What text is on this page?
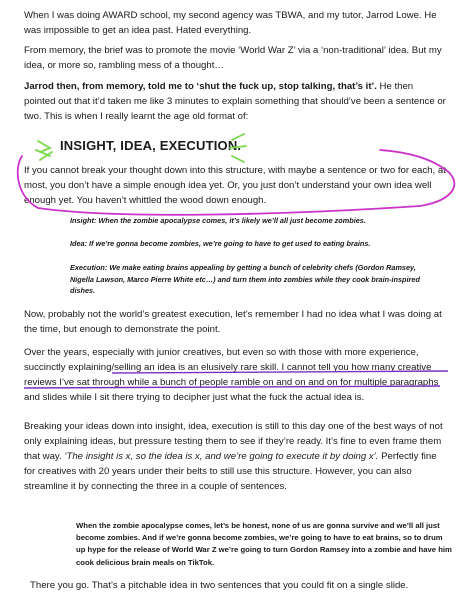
When I was doing AWARD school, my second agency was TBWA, and my tutor, Jarrod Lowe. He was impossible to get an idea past. Hated everything.

From memory, the brief was to promote the movie ‘World War Z’ via a ‘non-traditional’ idea. But my idea, or more so, rambling mess of a thought…

Jarrod then, from memory, told me to ‘shut the fuck up, stop talking, that’s it’. He then pointed out that it’d taken me like 3 minutes to explain something that should’ve been a sentence or two. This is when I really learnt the age old format of:

INSIGHT, IDEA, EXECUTION.

If you cannot break your thought down into this structure, with maybe a sentence or two for each, at most, you don’t have a simple enough idea yet. Or, you just don’t understand your own idea well enough yet. You haven’t whittled the wood down enough.

Insight: When the zombie apocalypse comes, it’s likely we’ll all just become zombies.

Idea: If we’re gonna become zombies, we’re going to have to get used to eating brains.

Execution: We make eating brains appealing by getting a bunch of celebrity chefs (Gordon Ramsey, Nigella Lawson, Marco Pierre White etc…) and turn them into zombies while they cook brain-inspired dishes.

Now, probably not the world’s greatest execution, let’s remember I had no idea what I was doing at the time, but enough to demonstrate the point.

Over the years, especially with junior creatives, but even so with those with more experience, succinctly explaining/selling an idea is an elusively rare skill. I cannot tell you how many creative reviews I’ve sat through while a bunch of people ramble on and on and on for multiple paragraphs and slides while I sit there trying to decipher just what the fuck the actual idea is.

Breaking your ideas down into insight, idea, execution is still to this day one of the best ways of not only explaining ideas, but pressure testing them to see if they’re ready. It’s fine to even frame them that way. ‘The insight is x, so the idea is x, and we’re going to execute it by doing x’. Perfectly fine for creatives with 20 years under their belts to still use this structure. However, you can also streamline it by connecting the three in a couple of sentences.

When the zombie apocalypse comes, let’s be honest, none of us are gonna survive and we’ll all just become zombies. And if we’re gonna become zombies, we’re going to have to eat brains, so to drum up hype for the release of World War Z we’re going to turn Gordon Ramsey into a zombie and have him cook delicious brain meals on TikTok.

There you go. That’s a pitchable idea in two sentences that you could fit on a single slide.
